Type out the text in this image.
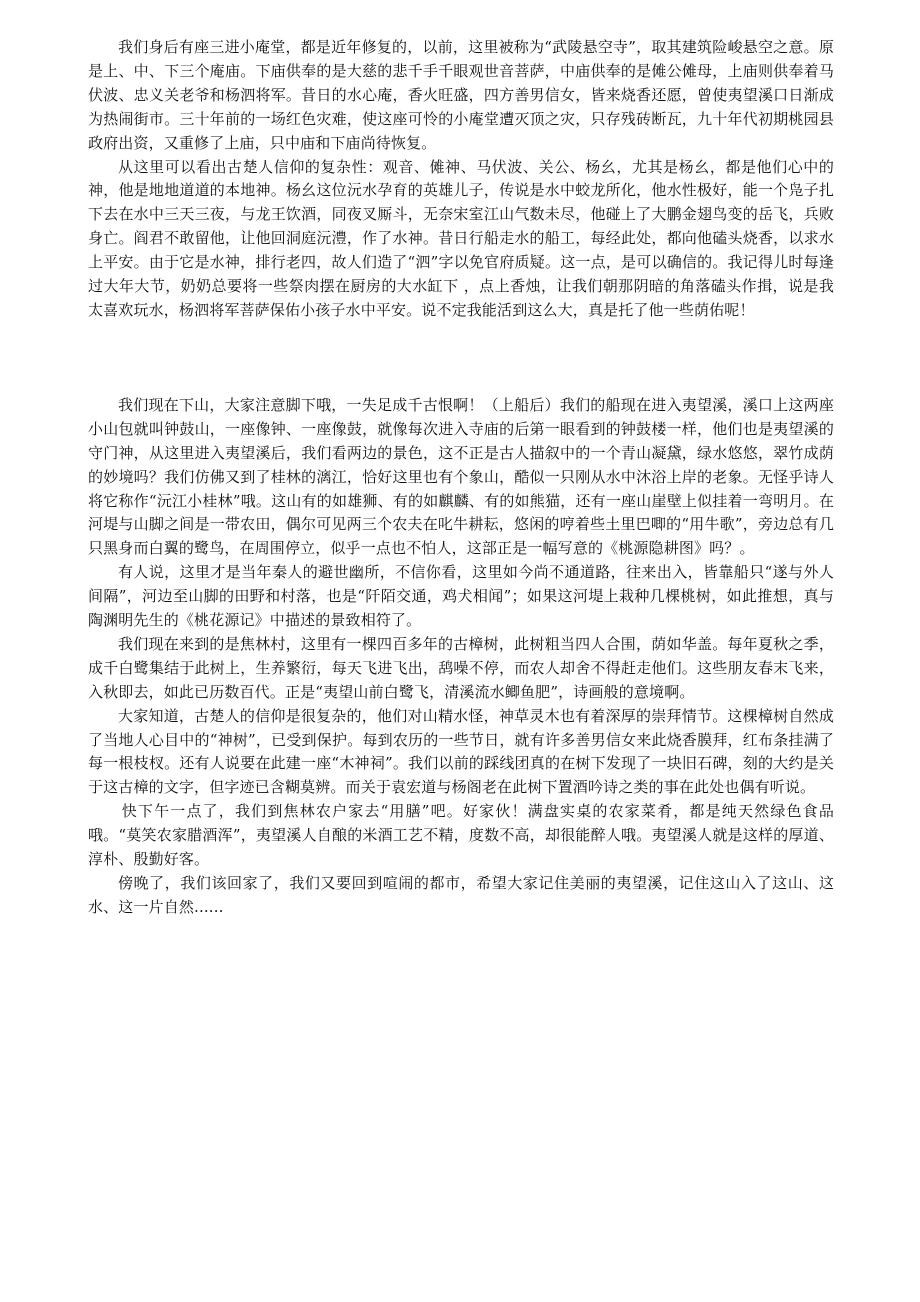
我们身后有座三进小庵堂，都是近年修复的，以前，这里被称为“武陵悬空寺”，取其建筑险峻悬空之意。原是上、中、下三个庵庙。下庙供奉的是大慈的悲千手千眼观世音菩萨，中庙供奉的是傩公傩母，上庙则供奉着马伏波、忠义关老爷和杨泗将军。昔日的水心庵，香火旺盛，四方善男信女，皆来烧香还愿，曾使夷望溪口日渐成为热闹街市。三十年前的一场红色灾难，使这座可怜的小庵堂遭灭顶之灾，只存残砖断瓦，九十年代初期桃园县政府出资，又重修了上庙，只中庙和下庙尚待恢复。

从这里可以看出古楚人信仰的复杂性：观音、傩神、马伏波、关公、杨幺，尤其是杨幺，都是他们心中的神，他是地地道道的本地神。杨幺这位沅水孕育的英雄儿子，传说是水中蛟龙所化，他水性极好，能一个凫子扎下去在水中三天三夜，与龙王饮酒，同夜叉厮斗，无奈宋室江山气数未尽，他碰上了大鹏金翅鸟变的岳飞，兵败身亡。阎君不敢留他，让他回洞庭沅澧，作了水神。昔日行船走水的船工，每经此处，都向他磕头烧香，以求水上平安。由于它是水神，排行老四，故人们造了“泗”字以免官府质疑。这一点，是可以确信的。我记得儿时每逢过大年大节，奶奶总要将一些祭肉摆在厨房的大水缸下 ，点上香烛，让我们朝那阴暗的角落磕头作揖，说是我太喜欢玩水，杨泗将军菩萨保佑小孩子水中平安。说不定我能活到这么大，真是托了他一些荫佑呢！

我们现在下山，大家注意脚下哦，一失足成千古恨啊！（上船后）我们的船现在进入夷望溪，溪口上这两座小山包就叫钟鼓山，一座像钟、一座像鼓，就像每次进入寺庙的后第一眼看到的钟鼓楼一样，他们也是夷望溪的守门神，从这里进入夷望溪后，我们看两边的景色，这不正是古人描叙中的一个青山凝黛，绿水悠悠，翠竹成荫的妙境吗？我们仿佛又到了桂林的漓江，恰好这里也有个象山，酷似一只刚从水中沐浴上岸的老象。无怪乎诗人将它称作“沅江小桂林”哦。这山有的如雄狮、有的如麒麟、有的如熊猫，还有一座山崖壁上似挂着一弯明月。在河堤与山脚之间是一带农田，偶尔可见两三个农夫在叱牛耕耘，悠闲的哼着些土里巴唧的“用牛歌”，旁边总有几只黑身而白翼的鹭鸟，在周围停立，似乎一点也不怕人，这部正是一幅写意的《桃源隐耕图》吗？。

有人说，这里才是当年秦人的避世幽所，不信你看，这里如今尚不通道路，往来出入，皆靠船只“遂与外人间隔”，河边至山脚的田野和村落，也是“阡陌交通，鸡犬相闻”；如果这河堤上栽种几棵桃树，如此推想，真与陶渊明先生的《桃花源记》中描述的景致相符了。

我们现在来到的是焦林村，这里有一棵四百多年的古樟树，此树粗当四人合围，荫如华盖。每年夏秋之季，成千白鹭集结于此树上，生养繁衍，每天飞进飞出，鸹噪不停，而农人却舍不得赶走他们。这些朋友春末飞来，入秋即去，如此已历数百代。正是“夷望山前白鹭飞，清溪流水鲫鱼肥”，诗画般的意境啊。

大家知道，古楚人的信仰是很复杂的，他们对山精水怪，神草灵木也有着深厚的崇拜情节。这棵樟树自然成了当地人心目中的“神树”，已受到保护。每到农历的一些节日，就有许多善男信女来此烧香膜拜，红布条挂满了每一根枝杈。还有人说要在此建一座“木神祠”。我们以前的踩线团真的在树下发现了一块旧石碑，刻的大约是关于这古樟的文字，但字迹已含糊莫辨。而关于袁宏道与杨阁老在此树下置酒吟诗之类的事在此处也偶有听说。

快下午一点了，我们到焦林农户家去“用膳”吧。好家伙！满盘实桌的农家菜肴，都是纯天然绿色食品哦。“莫笑农家腊酒浑”，夷望溪人自酿的米酒工艺不精，度数不高，却很能醉人哦。夷望溪人就是这样的厚道、淳朴、殷勤好客。

傍晚了，我们该回家了，我们又要回到喧闹的都市，希望大家记住美丽的夷望溪，记住这山入了这山、这水、这一片自然......
